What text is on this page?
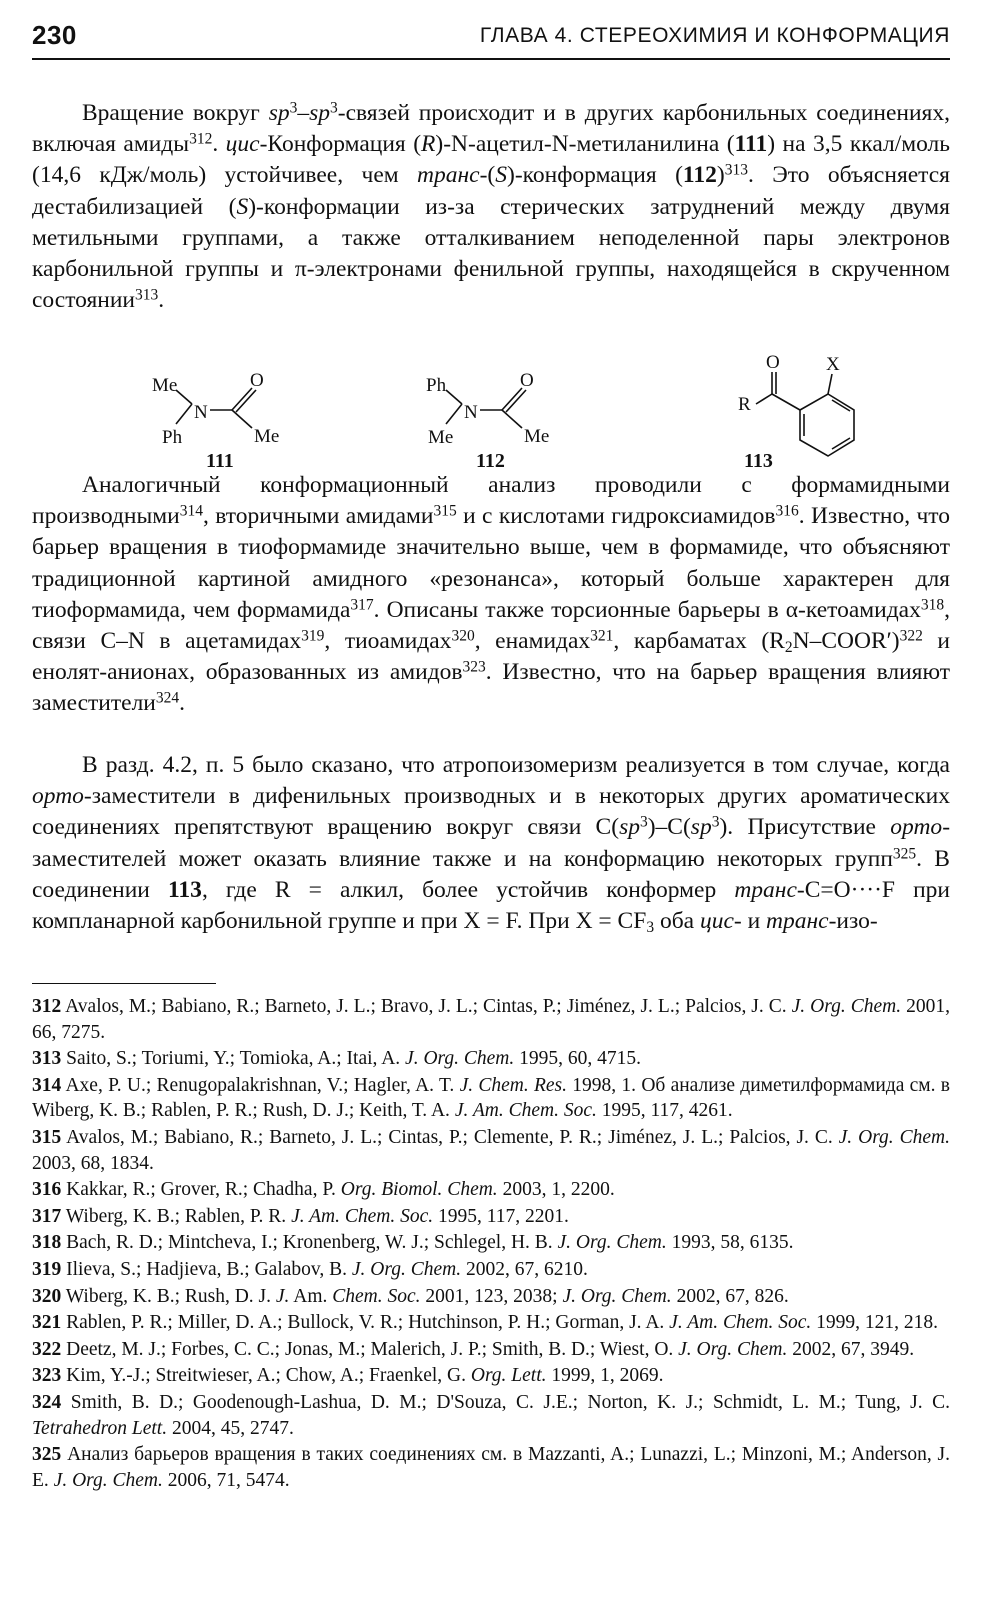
230	ГЛАВА 4. СТЕРЕОХИМИЯ И КОНФОРМАЦИЯ

Вращение вокруг $sp^3-sp^3$-связей происходит и в других карбонильных соединениях, включая амиды$^{312}$. цис-Конформация (R)-N-ацетил-N-метиланилина (111) на 3,5 ккал/моль (14,6 кДж/моль) устойчивее, чем транс-(S)-конформация $(112)^{313}$. Это объясняется дестабилизацией (S)-конформации из-за стерических затруднений между двумя метильными группами, а также отталкиванием неподеленной пары электронов карбонильной группы и π-электронами фенильной группы, находящейся в скрученном состоянии$^{313}$.

Me
N
Ph
O
Me
111
Ph
N
Me
O
Me
112
O X
R
113

Аналогичный конформационный анализ проводили с формамидными производными$^{314}$, вторичными амидами$^{315}$ и с кислотами гидроксиамидов$^{316}$. Известно, что барьер вращения в тиоформамиде значительно выше, чем в формамиде, что объясняют традиционной картиной амидного «резонанса», который больше характерен для тиоформамида, чем формамида$^{317}$. Описаны также торсионные барьеры в α-кетоамидах$^{318}$, связи C–N в ацетамидах$^{319}$, тиоамидах$^{320}$, енамидах$^{321}$, карбаматах $(R_2N-COOR')^{322}$ и енолят-анионах, образованных из амидов$^{323}$. Известно, что на барьер вращения влияют заместители$^{324}$.

В разд. 4.2, п. 5 было сказано, что атропоизомеризм реализуется в том случае, когда орто-заместители в дифенильных производных и в некоторых других ароматических соединениях препятствуют вращению вокруг связи $C(sp^3)-C(sp^3)$. Присутствие орто-заместителей может оказать влияние также и на конформацию некоторых групп$^{325}$. В соединении 113, где R = алкил, более устойчив конформер транс-C=O····F при компланарной карбонильной группе и при X = F. При $X = CF_3$ оба цис- и транс-изо-

312 Avalos, M.; Babiano, R.; Barneto, J. L.; Bravo, J. L.; Cintas, P.; Jiménez, J. L.; Palcios, J. C. J. Org. Chem. 2001, 66, 7275.

313 Saito, S.; Toriumi, Y.; Tomioka, A.; Itai, A. J. Org. Chem. 1995, 60, 4715.

314 Axe, P. U.; Renugopalakrishnan, V.; Hagler, A. T. J. Chem. Res. 1998, 1. Об анализе диметилформамида см. в Wiberg, K. B.; Rablen, P. R.; Rush, D. J.; Keith, T. A. J. Am. Chem. Soc. 1995, 117, 4261.

315 Avalos, M.; Babiano, R.; Barneto, J. L.; Cintas, P.; Clemente, P. R.; Jiménez, J. L.; Palcios, J. C. J. Org. Chem. 2003, 68, 1834.

316 Kakkar, R.; Grover, R.; Chadha, P. Org. Biomol. Chem. 2003, 1, 2200.

317 Wiberg, K. B.; Rablen, P. R. J. Am. Chem. Soc. 1995, 117, 2201.

318 Bach, R. D.; Mintcheva, I.; Kronenberg, W. J.; Schlegel, H. B. J. Org. Chem. 1993, 58, 6135.

319 Ilieva, S.; Hadjieva, B.; Galabov, B. J. Org. Chem. 2002, 67, 6210.

320 Wiberg, K. B.; Rush, D. J. J. Am. Chem. Soc. 2001, 123, 2038; J. Org. Chem. 2002, 67, 826.

321 Rablen, P. R.; Miller, D. A.; Bullock, V. R.; Hutchinson, P. H.; Gorman, J. A. J. Am. Chem. Soc. 1999, 121, 218.

322 Deetz, M. J.; Forbes, C. C.; Jonas, M.; Malerich, J. P.; Smith, B. D.; Wiest, O. J. Org. Chem. 2002, 67, 3949.

323 Kim, Y.-J.; Streitwieser, A.; Chow, A.; Fraenkel, G. Org. Lett. 1999, 1, 2069.

324 Smith, B. D.; Goodenough-Lashua, D. M.; D'Souza, C. J.E.; Norton, K. J.; Schmidt, L. M.; Tung, J. C. Tetrahedron Lett. 2004, 45, 2747.

325 Анализ барьеров вращения в таких соединениях см. в Mazzanti, A.; Lunazzi, L.; Minzoni, M.; Anderson, J. E. J. Org. Chem. 2006, 71, 5474.
